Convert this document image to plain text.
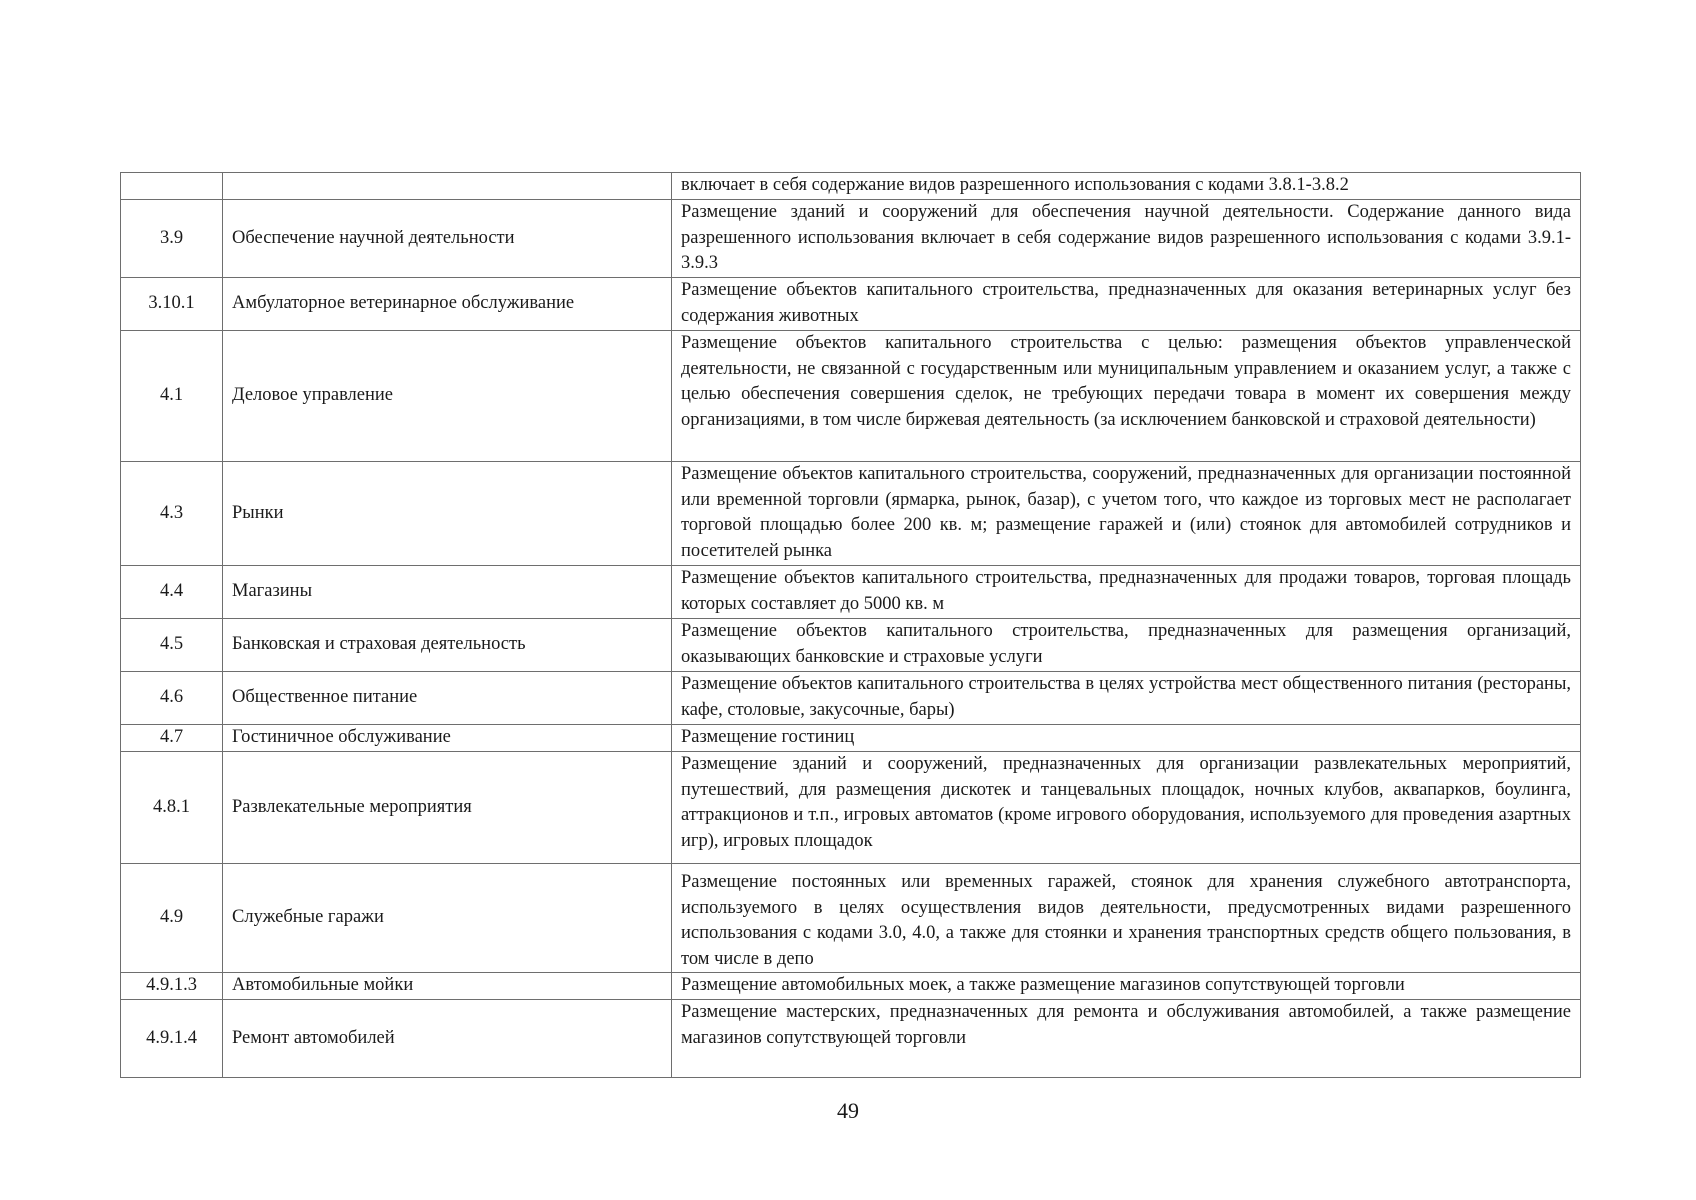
		включает в себя содержание видов разрешенного использования с кодами 3.8.1-3.8.2
3.9	Обеспечение научной деятельности	Размещение зданий и сооружений для обеспечения научной деятельности. Содержание данного вида разрешенного использования включает в себя содержание видов разрешенного использования с кодами 3.9.1-3.9.3
3.10.1	Амбулаторное ветеринарное обслуживание	Размещение объектов капитального строительства, предназначенных для оказания ветеринарных услуг без содержания животных
4.1	Деловое управление	Размещение объектов капитального строительства с целью: размещения объектов управленческой деятельности, не связанной с государственным или муниципальным управлением и оказанием услуг, а также с целью обеспечения совершения сделок, не требующих передачи товара в момент их совершения между организациями, в том числе биржевая деятельность (за исключением банковской и страховой деятельности)
4.3	Рынки	Размещение объектов капитального строительства, сооружений, предназначенных для организации постоянной или временной торговли (ярмарка, рынок, базар), с учетом того, что каждое из торговых мест не располагает торговой площадью более 200 кв. м; размещение гаражей и (или) стоянок для автомобилей сотрудников и посетителей рынка
4.4	Магазины	Размещение объектов капитального строительства, предназначенных для продажи товаров, торговая площадь которых составляет до 5000 кв. м
4.5	Банковская и страховая деятельность	Размещение объектов капитального строительства, предназначенных для размещения организаций, оказывающих банковские и страховые услуги
4.6	Общественное питание	Размещение объектов капитального строительства в целях устройства мест общественного питания (рестораны, кафе, столовые, закусочные, бары)
4.7	Гостиничное обслуживание	Размещение гостиниц
4.8.1	Развлекательные мероприятия	Размещение зданий и сооружений, предназначенных для организации развлекательных мероприятий, путешествий, для размещения дискотек и танцевальных площадок, ночных клубов, аквапарков, боулинга, аттракционов и т.п., игровых автоматов (кроме игрового оборудования, используемого для проведения азартных игр), игровых площадок
4.9	Служебные гаражи	Размещение постоянных или временных гаражей, стоянок для хранения служебного автотранспорта, используемого в целях осуществления видов деятельности, предусмотренных видами разрешенного использования с кодами 3.0, 4.0, а также для стоянки и хранения транспортных средств общего пользования, в том числе в депо
4.9.1.3	Автомобильные мойки	Размещение автомобильных моек, а также размещение магазинов сопутствующей торговли
4.9.1.4	Ремонт автомобилей	Размещение мастерских, предназначенных для ремонта и обслуживания автомобилей, а также размещение магазинов сопутствующей торговли
49
